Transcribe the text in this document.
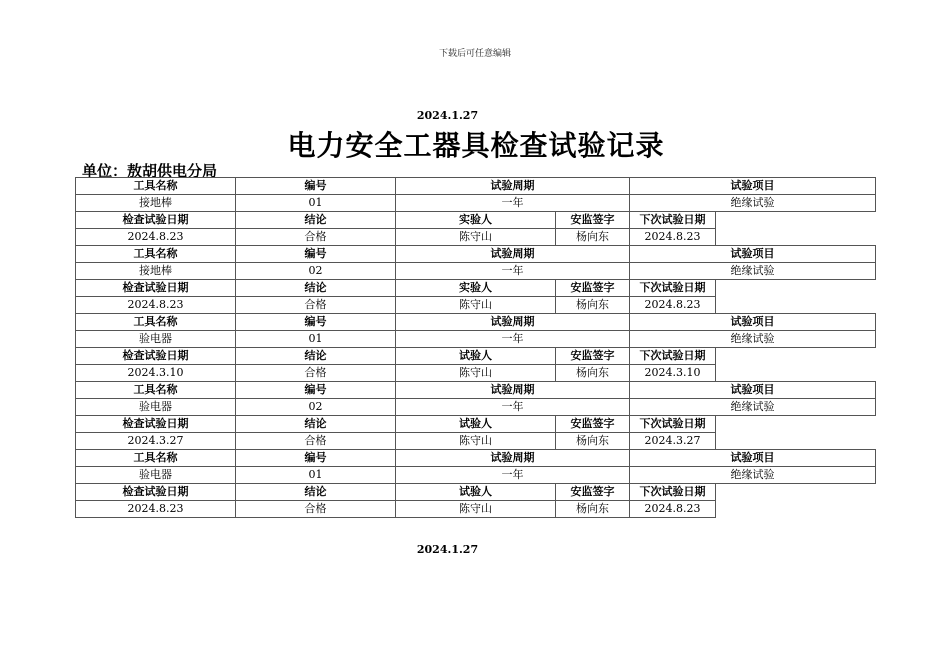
下载后可任意编辑
2024.1.27
电力安全工器具检查试验记录
单位：敖胡供电分局
工具名称	编号	试验周期		试验项目
接地棒	01	一年		绝缘试验
检查试验日期	结论	实验人	安监签字	下次试验日期
2024.8.23	合格	陈守山	杨向东	2024.8.23
工具名称	编号	试验周期		试验项目
接地棒	02	一年		绝缘试验
检查试验日期	结论	实验人	安监签字	下次试验日期
2024.8.23	合格	陈守山	杨向东	2024.8.23
工具名称	编号	试验周期		试验项目
验电器	01	一年		绝缘试验
检查试验日期	结论	试验人	安监签字	下次试验日期
2024.3.10	合格	陈守山	杨向东	2024.3.10
工具名称	编号	试验周期		试验项目
验电器	02	一年		绝缘试验
检查试验日期	结论	试验人	安监签字	下次试验日期
2024.3.27	合格	陈守山	杨向东	2024.3.27
工具名称	编号	试验周期		试验项目
验电器	01	一年		绝缘试验
检查试验日期	结论	试验人	安监签字	下次试验日期
2024.8.23	合格	陈守山	杨向东	2024.8.23
2024.1.27
